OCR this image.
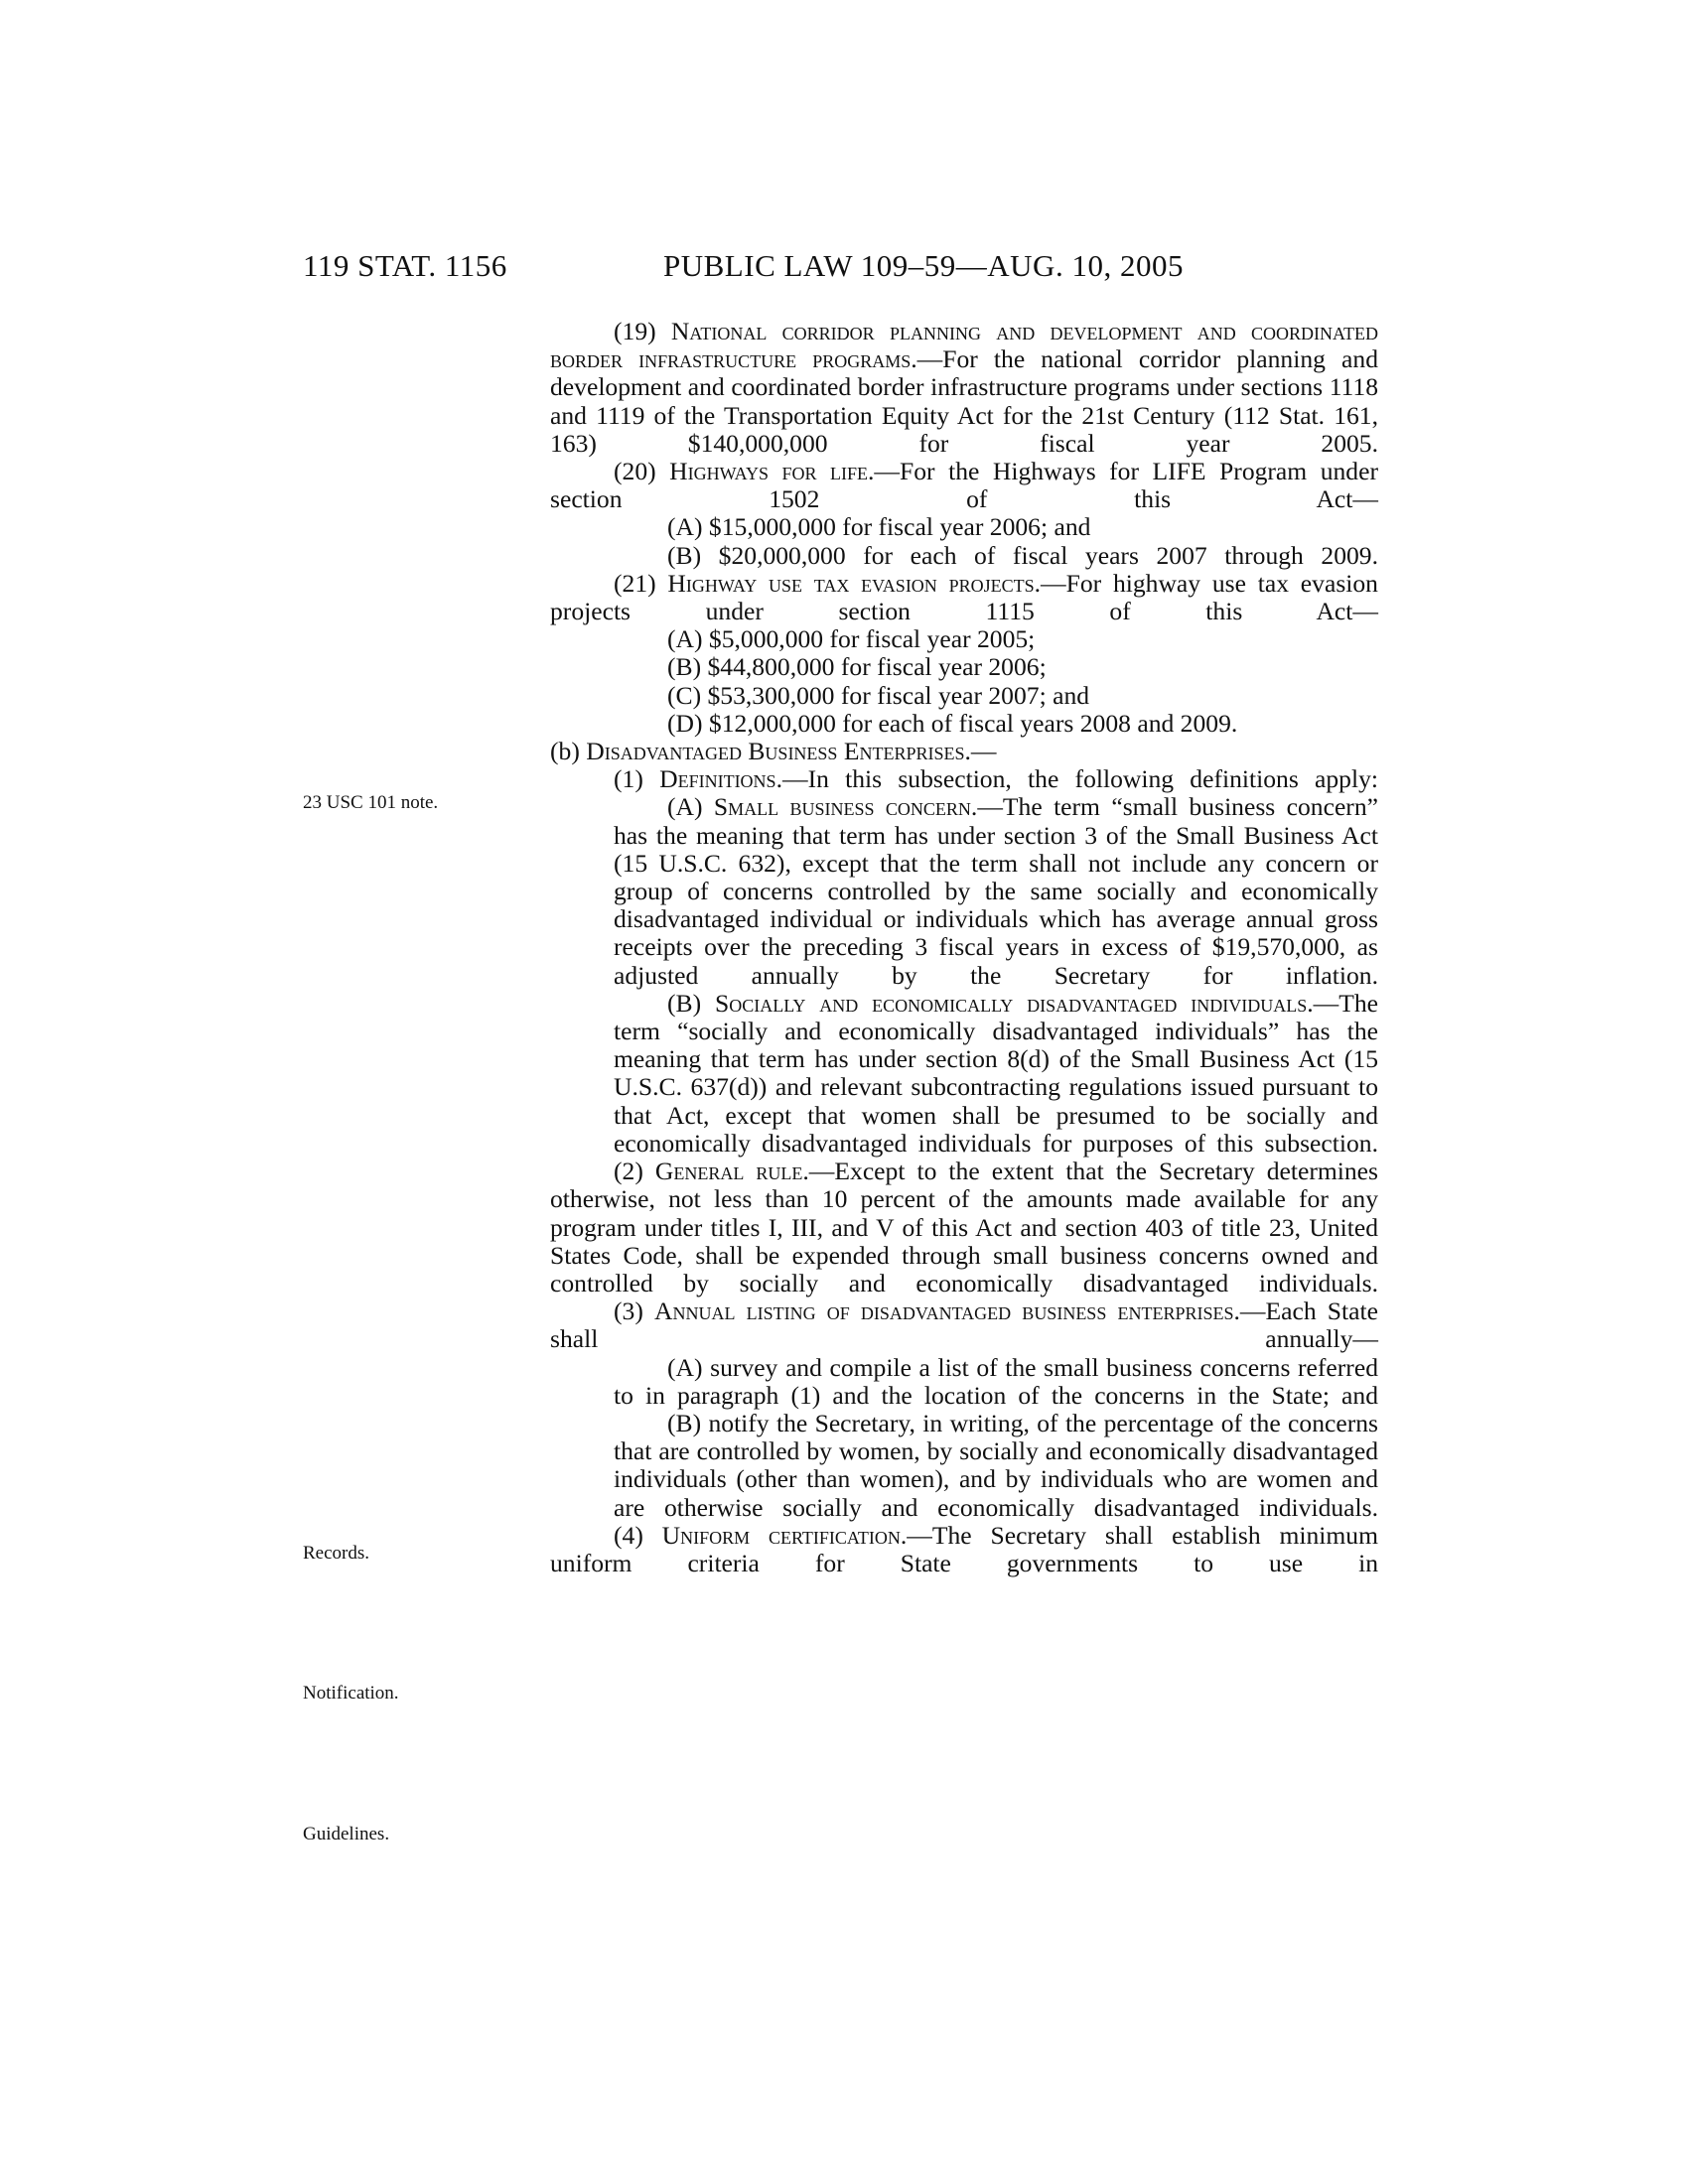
119 STAT. 1156	PUBLIC LAW 109–59—AUG. 10, 2005
23 USC 101 note.
Records.
Notification.
Guidelines.
(19) National corridor planning and development and coordinated border infrastructure programs.—For the national corridor planning and development and coordinated border infrastructure programs under sections 1118 and 1119 of the Transportation Equity Act for the 21st Century (112 Stat. 161, 163) $140,000,000 for fiscal year 2005.
(20) Highways for life.—For the Highways for LIFE Program under section 1502 of this Act—
(A) $15,000,000 for fiscal year 2006; and
(B) $20,000,000 for each of fiscal years 2007 through 2009.
(21) Highway use tax evasion projects.—For highway use tax evasion projects under section 1115 of this Act—
(A) $5,000,000 for fiscal year 2005;
(B) $44,800,000 for fiscal year 2006;
(C) $53,300,000 for fiscal year 2007; and
(D) $12,000,000 for each of fiscal years 2008 and 2009.
(b) Disadvantaged Business Enterprises.—
(1) Definitions.—In this subsection, the following definitions apply:
(A) Small business concern.—The term “small business concern” has the meaning that term has under section 3 of the Small Business Act (15 U.S.C. 632), except that the term shall not include any concern or group of concerns controlled by the same socially and economically disadvantaged individual or individuals which has average annual gross receipts over the preceding 3 fiscal years in excess of $19,570,000, as adjusted annually by the Secretary for inflation.
(B) Socially and economically disadvantaged individuals.—The term “socially and economically disadvantaged individuals” has the meaning that term has under section 8(d) of the Small Business Act (15 U.S.C. 637(d)) and relevant subcontracting regulations issued pursuant to that Act, except that women shall be presumed to be socially and economically disadvantaged individuals for purposes of this subsection.
(2) General rule.—Except to the extent that the Secretary determines otherwise, not less than 10 percent of the amounts made available for any program under titles I, III, and V of this Act and section 403 of title 23, United States Code, shall be expended through small business concerns owned and controlled by socially and economically disadvantaged individuals.
(3) Annual listing of disadvantaged business enterprises.—Each State shall annually—
(A) survey and compile a list of the small business concerns referred to in paragraph (1) and the location of the concerns in the State; and
(B) notify the Secretary, in writing, of the percentage of the concerns that are controlled by women, by socially and economically disadvantaged individuals (other than women), and by individuals who are women and are otherwise socially and economically disadvantaged individuals.
(4) Uniform certification.—The Secretary shall establish minimum uniform criteria for State governments to use in
